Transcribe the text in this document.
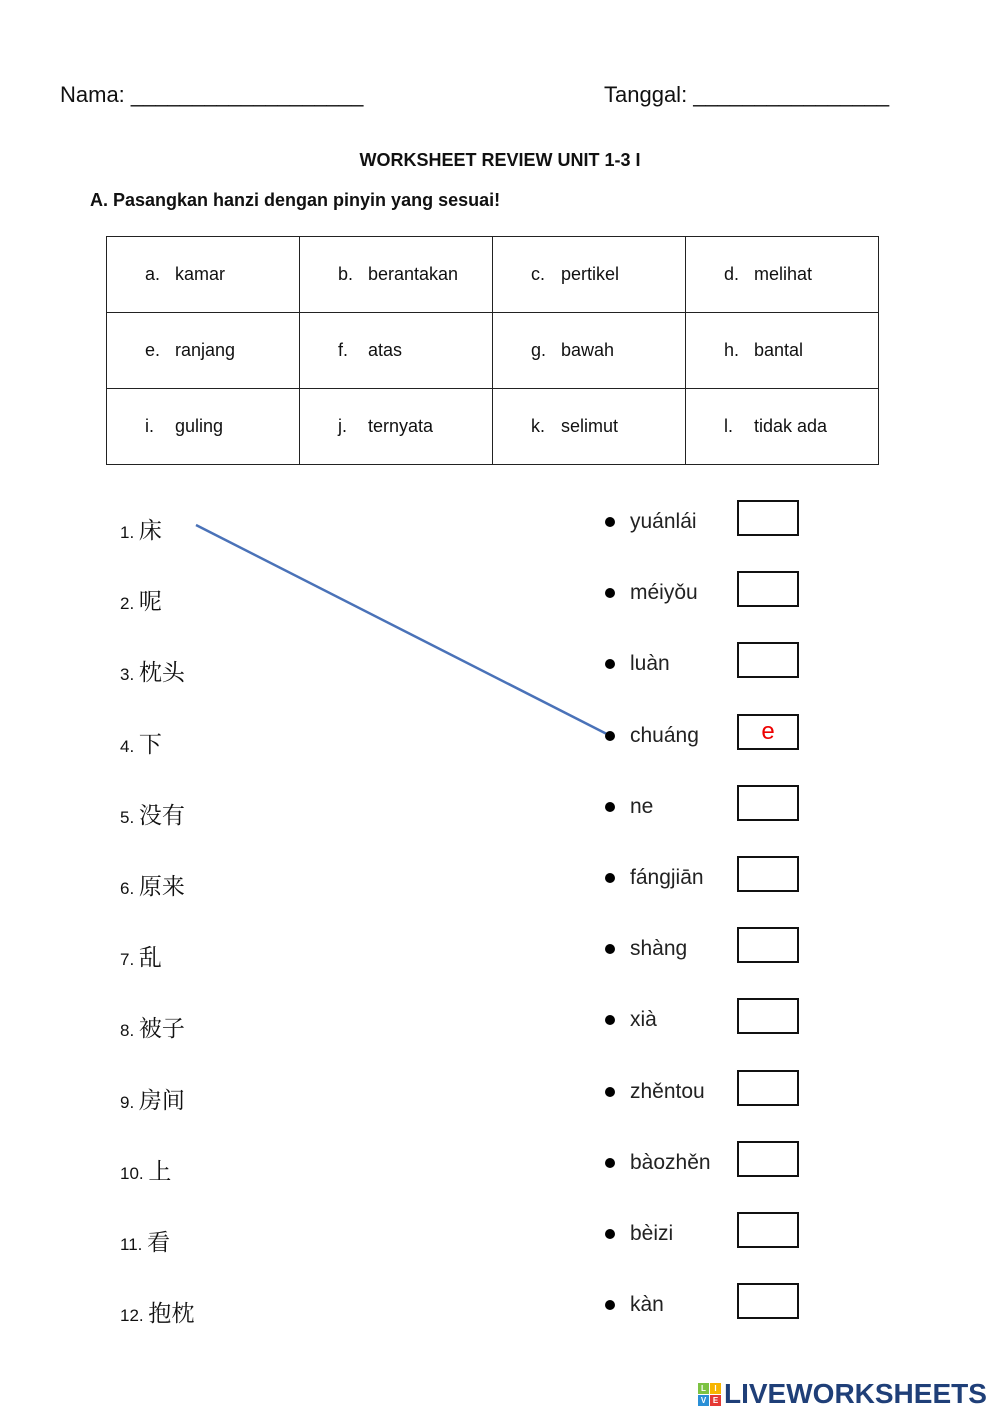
Nama: ___________________	Tanggal: ________________
WORKSHEET REVIEW UNIT 1-3 I
A. Pasangkan hanzi dengan pinyin yang sesuai!
a. kamar	b. berantakan	c. pertikel	d. melihat
e. ranjang	f. atas	g. bawah	h. bantal
i. guling	j. ternyata	k. selimut	l. tidak ada
1. 床	yuánlái
2. 呢	méiyǒu
3. 枕头	luàn
4. 下	chuáng	e
5. 没有	ne
6. 原来	fángjiān
7. 乱	shàng
8. 被子	xià
9. 房间	zhěntou
10. 上	bàozhěn
11. 看	bèizi
12. 抱枕	kàn
L	I
V E LIVEWORKSHEETS
